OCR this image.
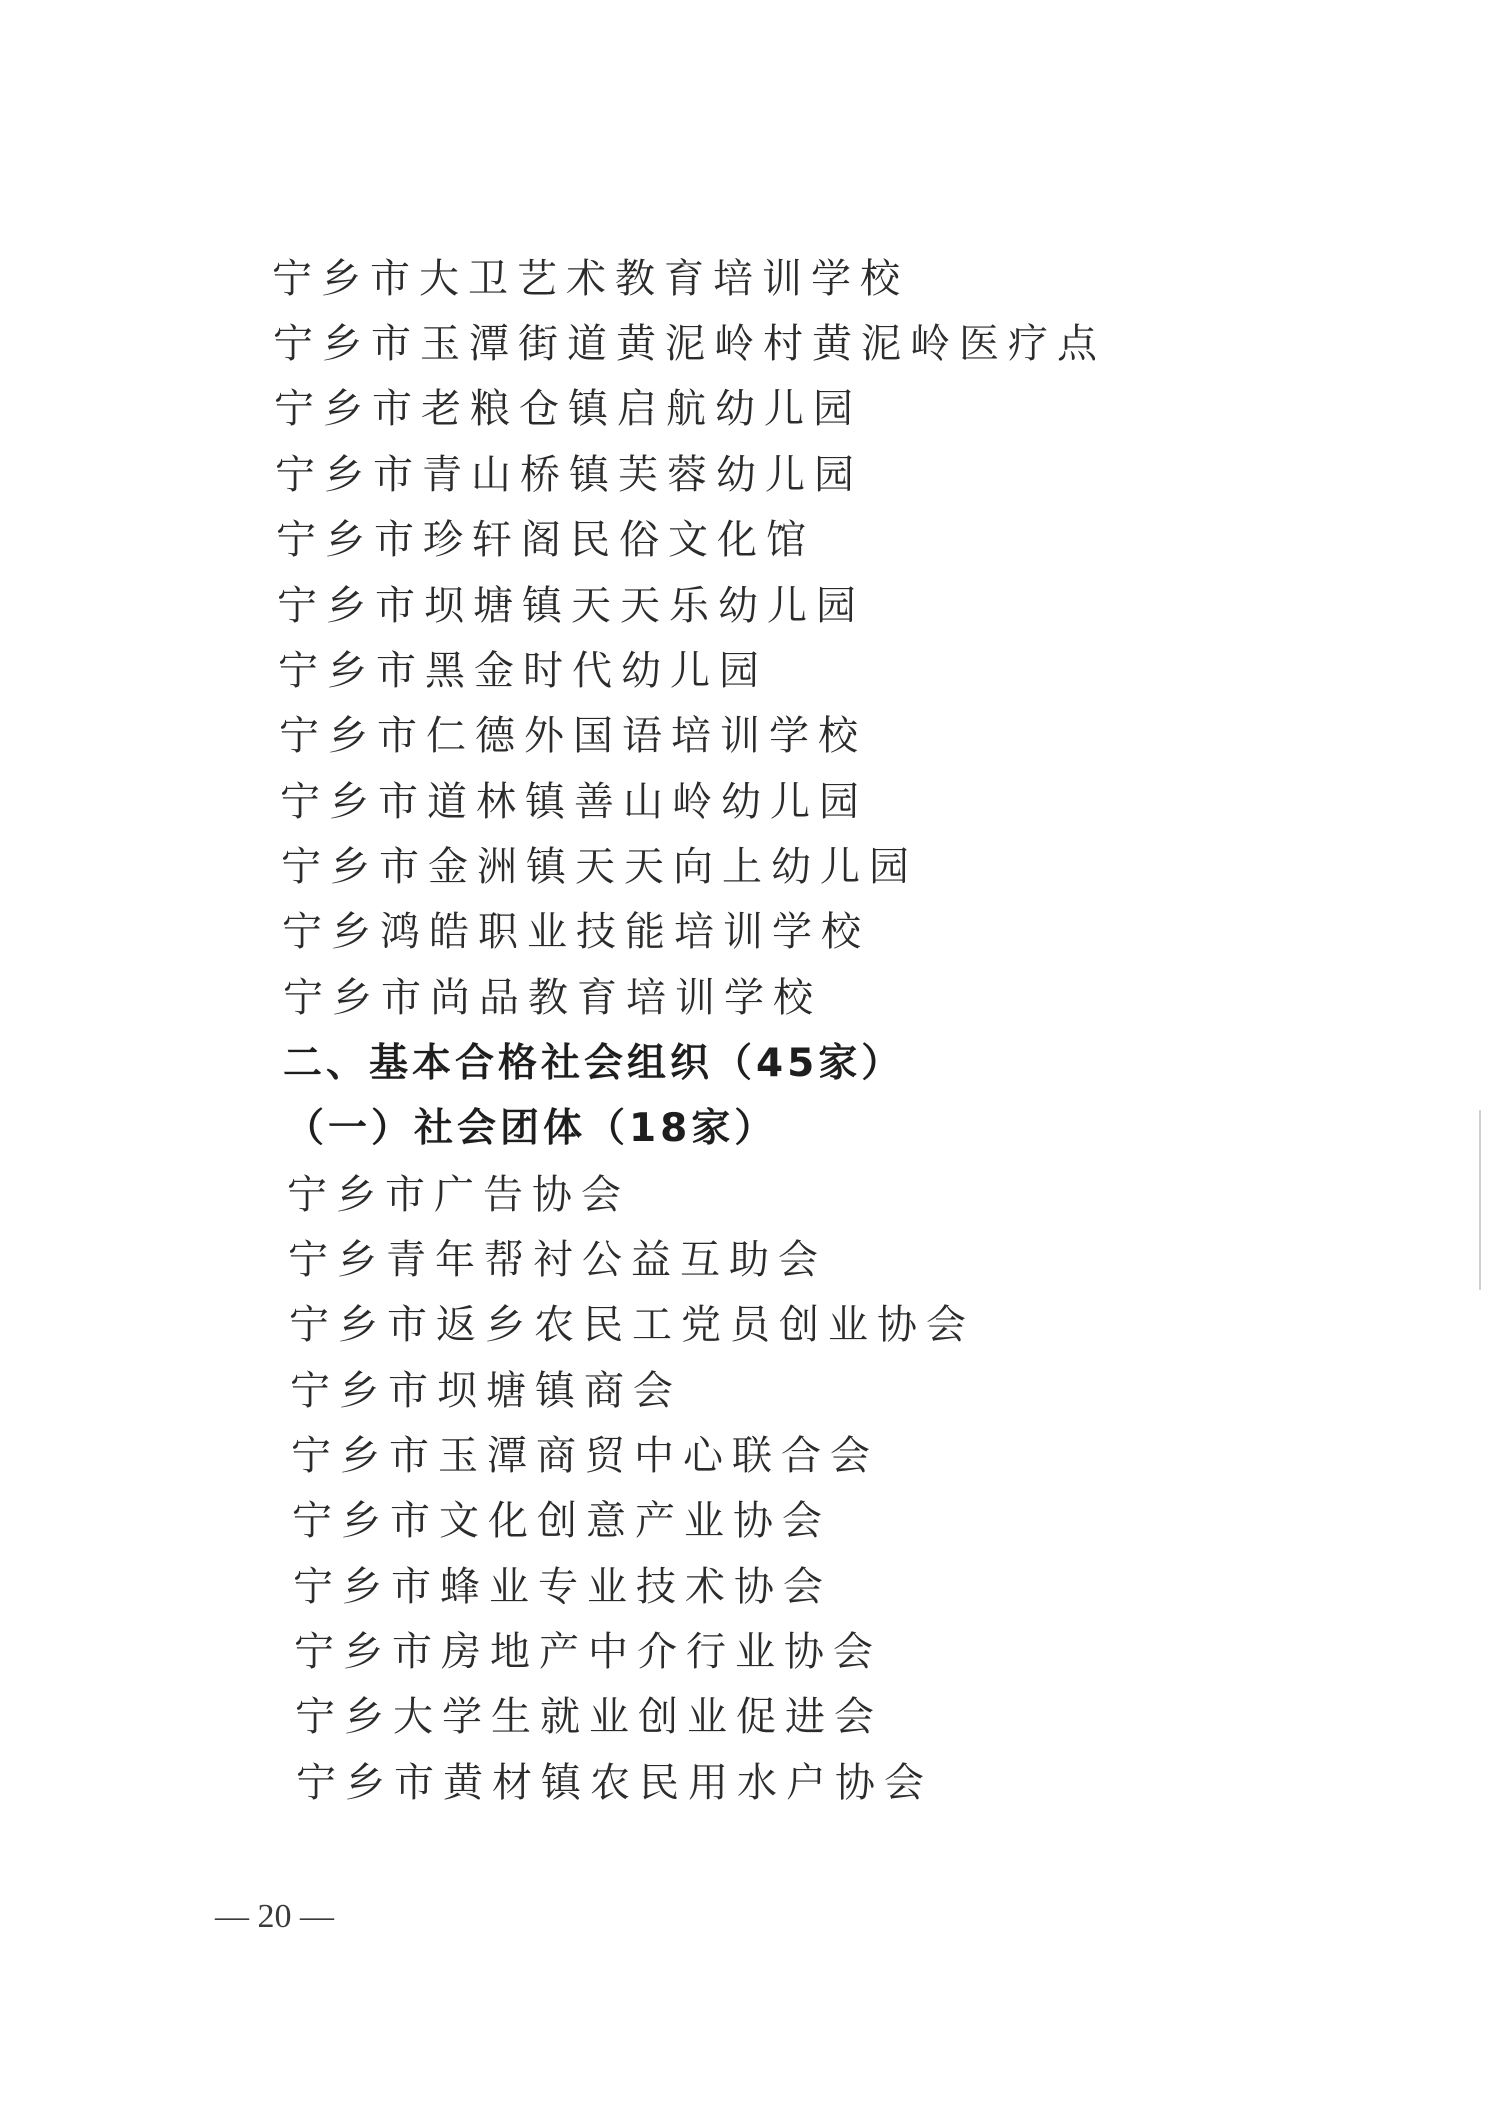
宁乡市大卫艺术教育培训学校
宁乡市玉潭街道黄泥岭村黄泥岭医疗点
宁乡市老粮仓镇启航幼儿园
宁乡市青山桥镇芙蓉幼儿园
宁乡市珍轩阁民俗文化馆
宁乡市坝塘镇天天乐幼儿园
宁乡市黑金时代幼儿园
宁乡市仁德外国语培训学校
宁乡市道林镇善山岭幼儿园
宁乡市金洲镇天天向上幼儿园
宁乡鸿皓职业技能培训学校
宁乡市尚品教育培训学校
二、基本合格社会组织（45家）
（一）社会团体（18家）
宁乡市广告协会
宁乡青年帮衬公益互助会
宁乡市返乡农民工党员创业协会
宁乡市坝塘镇商会
宁乡市玉潭商贸中心联合会
宁乡市文化创意产业协会
宁乡市蜂业专业技术协会
宁乡市房地产中介行业协会
宁乡大学生就业创业促进会
宁乡市黄材镇农民用水户协会
— 20 —
